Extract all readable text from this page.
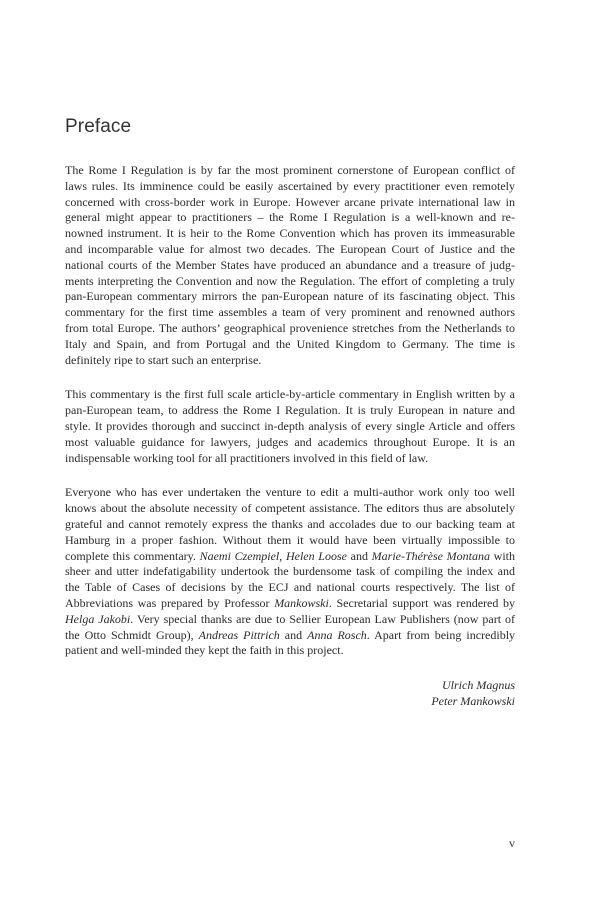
Preface

The Rome I Regulation is by far the most prominent cornerstone of European conflict of laws rules. Its imminence could be easily ascertained by every practitioner even remotely concerned with cross-border work in Europe. However arcane private international law in general might appear to practitioners – the Rome I Regulation is a well-known and re-nowned instrument. It is heir to the Rome Convention which has proven its immeasurable and incomparable value for almost two decades. The European Court of Justice and the national courts of the Member States have produced an abundance and a treasure of judg-ments interpreting the Convention and now the Regulation. The effort of completing a truly pan-European commentary mirrors the pan-European nature of its fascinating object. This commentary for the first time assembles a team of very prominent and renowned authors from total Europe. The authors’ geographical provenience stretches from the Netherlands to Italy and Spain, and from Portugal and the United Kingdom to Germany. The time is definitely ripe to start such an enterprise.

This commentary is the first full scale article-by-article commentary in English written by a pan-European team, to address the Rome I Regulation. It is truly European in nature and style. It provides thorough and succinct in-depth analysis of every single Article and offers most valuable guidance for lawyers, judges and academics throughout Europe. It is an indispensable working tool for all practitioners involved in this field of law.

Everyone who has ever undertaken the venture to edit a multi-author work only too well knows about the absolute necessity of competent assistance. The editors thus are absolutely grateful and cannot remotely express the thanks and accolades due to our backing team at Hamburg in a proper fashion. Without them it would have been virtually impossible to complete this commentary. Naemi Czempiel, Helen Loose and Marie-Thérèse Montana with sheer and utter indefatigability undertook the burdensome task of compiling the index and the Table of Cases of decisions by the ECJ and national courts respectively. The list of Abbreviations was prepared by Professor Mankowski. Secretarial support was rendered by Helga Jakobi. Very special thanks are due to Sellier European Law Publishers (now part of the Otto Schmidt Group), Andreas Pittrich and Anna Rosch. Apart from being incredibly patient and well-minded they kept the faith in this project.

Ulrich Magnus
Peter Mankowski
v
